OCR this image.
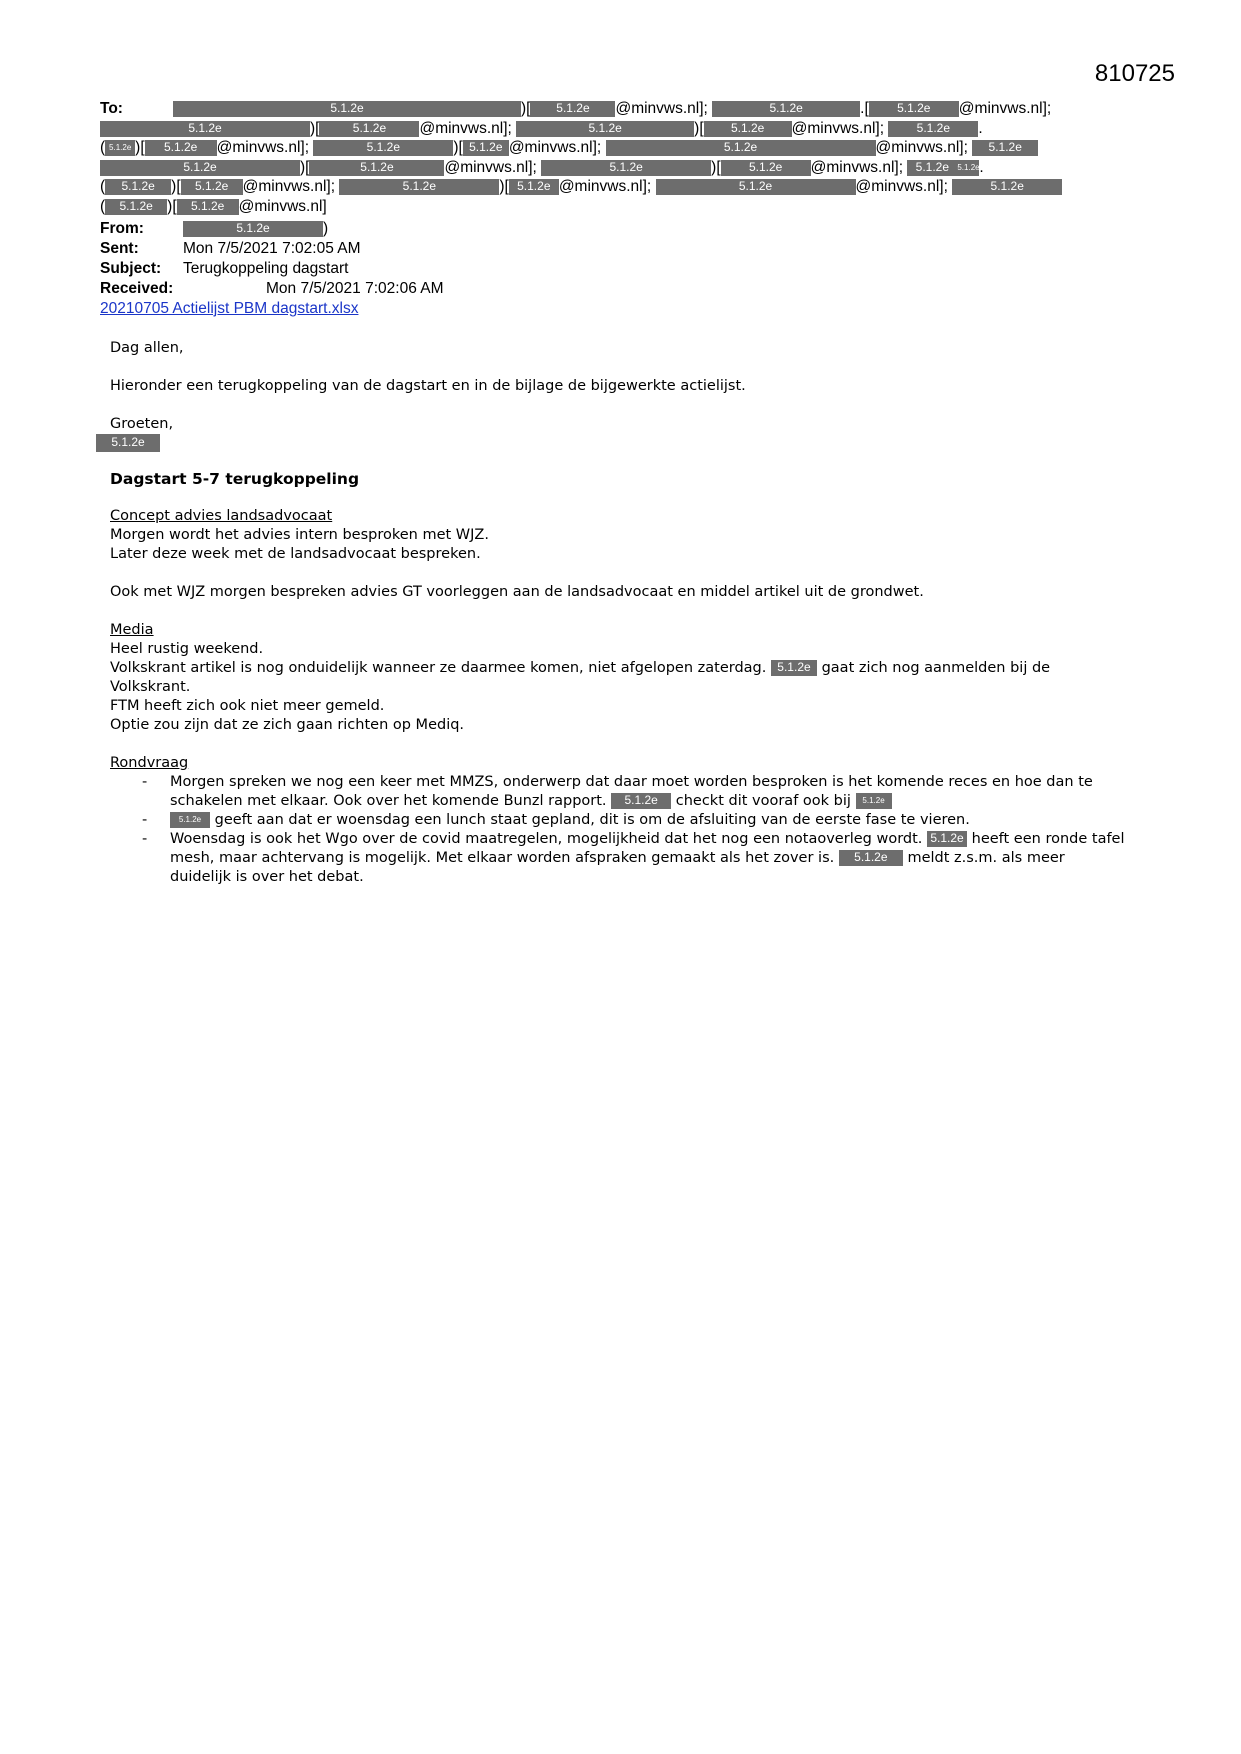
810725
To:	5.1.2e	)[ 5.1.2e @minvws.nl];	5.1.2e	.[ 5.1.2e @minvws.nl];
5.1.2e	)[	5.1.2e @minvws.nl];	5.1.2e	)[ 5.1.2e @minvws.nl];	5.1.2e .
( 5.1.2e )[ 5.1.2e @minvws.nl];	5.1.2e	)[ 5.1.2e @minvws.nl];	5.1.2e	@minvws.nl]; 5.1.2e
5.1.2e	)[	5.1.2e	@minvws.nl];	5.1.2e	)[ 5.1.2e @minvws.nl]; 5.1.2e 5.1.2e.
( 5.1.2e )[ 5.1.2e @minvws.nl];	5.1.2e	)[ 5.1.2e @minvws.nl];	5.1.2e	@minvws.nl];	5.1.2e
( 5.1.2e )[ 5.1.2e @minvws.nl]
From:	5.1.2e	)
Sent:	Mon 7/5/2021 7:02:05 AM
Subject: Terugkoppeling dagstart
Received:	Mon 7/5/2021 7:02:06 AM
20210705 Actielijst PBM dagstart.xlsx

Dag allen,

Hieronder een terugkoppeling van de dagstart en in de bijlage de bijgewerkte actielijst.

Groeten,

5.1.2e

Dagstart 5-7 terugkoppeling

Concept advies landsadvocaat

Morgen wordt het advies intern besproken met WJZ.

Later deze week met de landsadvocaat bespreken.

Ook met WJZ morgen bespreken advies GT voorleggen aan de landsadvocaat en middel artikel uit de grondwet.

Media

Heel rustig weekend.

Volkskrant artikel is nog onduidelijk wanneer ze daarmee komen, niet afgelopen zaterdag. 5.1.2e gaat zich nog aanmelden bij de Volkskrant.

FTM heeft zich ook niet meer gemeld.

Optie zou zijn dat ze zich gaan richten op Mediq.

Rondvraag

- Morgen spreken we nog een keer met MMZS, onderwerp dat daar moet worden besproken is het komende reces en hoe dan te schakelen met elkaar. Ook over het komende Bunzl rapport. 5.1.2e checkt dit vooraf ook bij 5.1.2e
- 5.1.2e geeft aan dat er woensdag een lunch staat gepland, dit is om de afsluiting van de eerste fase te vieren.
- Woensdag is ook het Wgo over de covid maatregelen, mogelijkheid dat het nog een notaoverleg wordt. 5.1.2e heeft een ronde tafel mesh, maar achtervang is mogelijk. Met elkaar worden afspraken gemaakt als het zover is. 5.1.2e meldt z.s.m. als meer duidelijk is over het debat.
